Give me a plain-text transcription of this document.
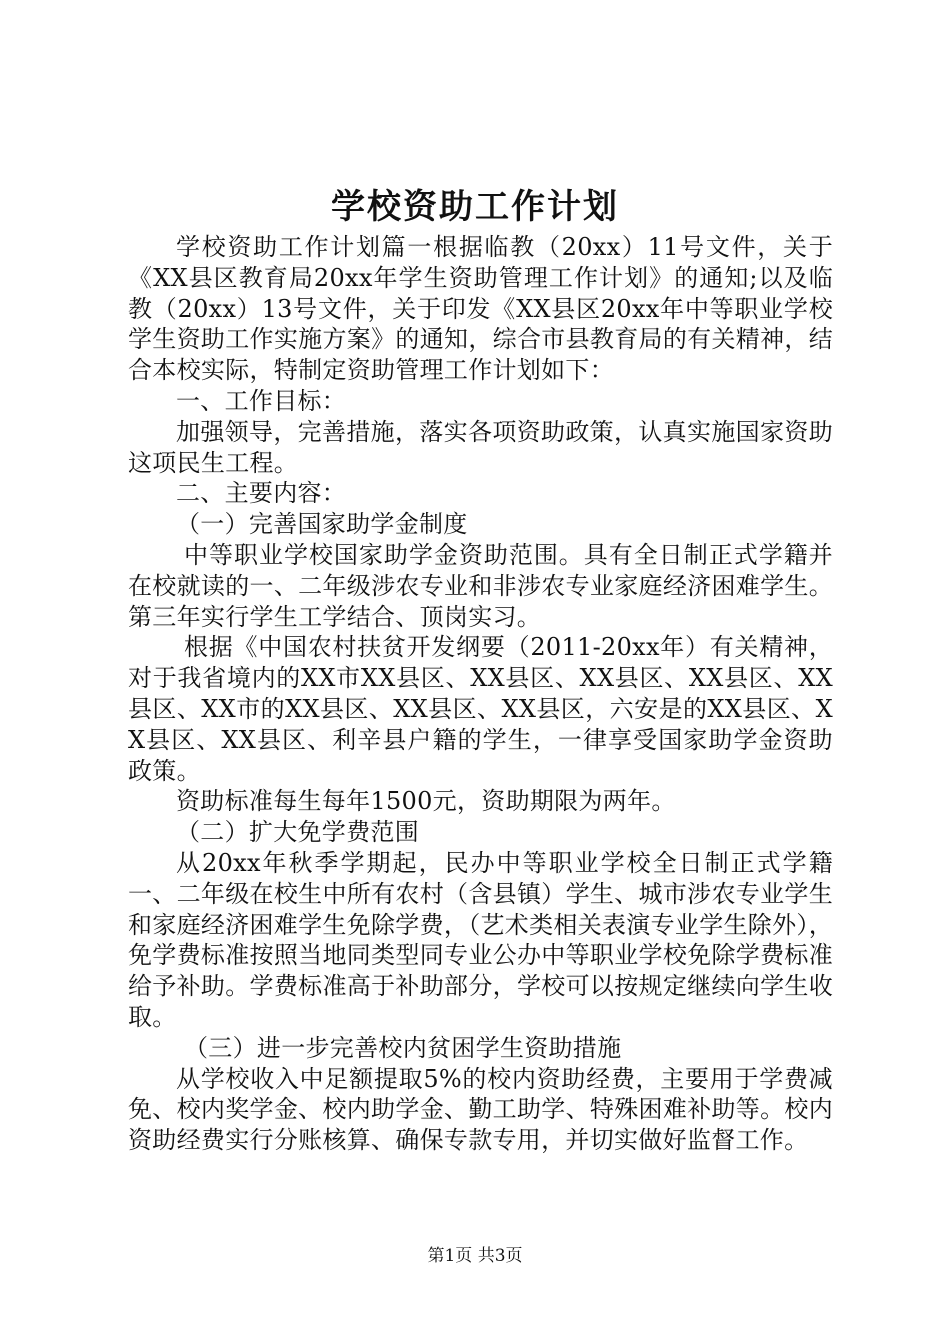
学校资助工作计划

学校资助工作计划篇一根据临教（20xx）11号文件，关于《XX县区教育局20xx年学生资助管理工作计划》的通知;以及临教（20xx）13号文件，关于印发《XX县区20xx年中等职业学校学生资助工作实施方案》的通知，综合市县教育局的有关精神，结合本校实际，特制定资助管理工作计划如下：

一、工作目标：

加强领导，完善措施，落实各项资助政策，认真实施国家资助这项民生工程。

二、主要内容：

（一）完善国家助学金制度

中等职业学校国家助学金资助范围。具有全日制正式学籍并在校就读的一、二年级涉农专业和非涉农专业家庭经济困难学生。第三年实行学生工学结合、顶岗实习。

根据《中国农村扶贫开发纲要（2011-20xx年）有关精神，对于我省境内的XX市XX县区、XX县区、XX县区、XX县区、XX县区、XX市的XX县区、XX县区、XX县区，六安是的XX县区、XX县区、XX县区、利辛县户籍的学生，一律享受国家助学金资助政策。

资助标准每生每年1500元，资助期限为两年。

（二）扩大免学费范围

从20xx年秋季学期起，民办中等职业学校全日制正式学籍一、二年级在校生中所有农村（含县镇）学生、城市涉农专业学生和家庭经济困难学生免除学费，（艺术类相关表演专业学生除外），免学费标准按照当地同类型同专业公办中等职业学校免除学费标准给予补助。学费标准高于补助部分，学校可以按规定继续向学生收取。

（三）进一步完善校内贫困学生资助措施

从学校收入中足额提取5%的校内资助经费，主要用于学费减免、校内奖学金、校内助学金、勤工助学、特殊困难补助等。校内资助经费实行分账核算、确保专款专用，并切实做好监督工作。

第1页 共3页
